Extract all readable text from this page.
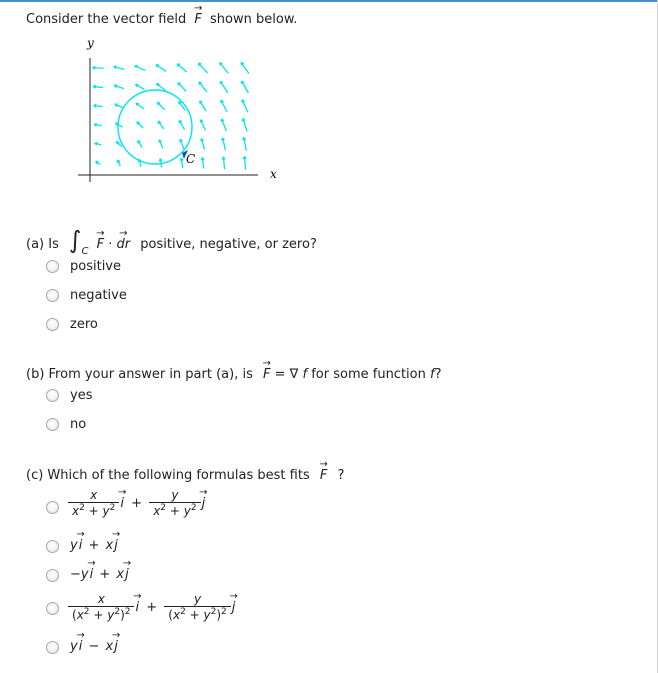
Consider the vector field → F shown below.
y
x
C
(a) Is $\int_C \to F$ · → dr positive, negative, or zero?
positive
negative
zero
(b) From your answer in part (a), is → F = ∇ f for some function f?
yes
no
(c) Which of the following formulas best fits → F ?
$\frac{x}{x^2 + y^2}$
→ $i + \frac{y}{x^2 + y^2}$
→ j
y→ i + x→ j
−y→ i + x→ j
$\frac{x}{(x^2 + y^2)^2}$
→ $i + \frac{y}{(x^2 + y^2)^2}$
→ j
y→ i − x→ j
